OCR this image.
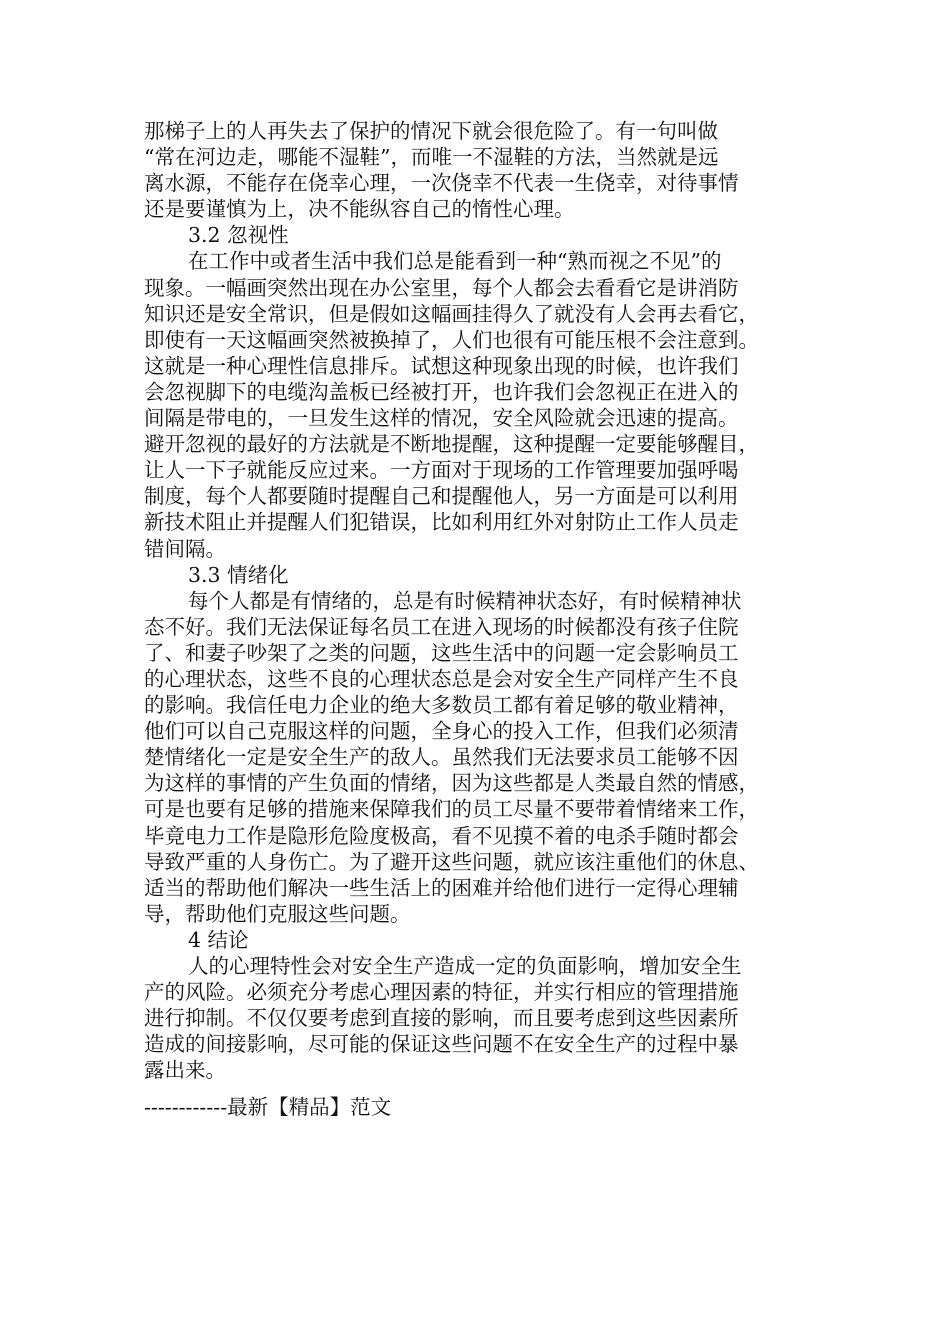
那梯子上的人再失去了保护的情况下就会很危险了。有一句叫做
“常在河边走，哪能不湿鞋”，而唯一不湿鞋的方法，当然就是远
离水源，不能存在侥幸心理，一次侥幸不代表一生侥幸，对待事情
还是要谨慎为上，决不能纵容自己的惰性心理。
3.2 忽视性
在工作中或者生活中我们总是能看到一种“熟而视之不见”的
现象。一幅画突然出现在办公室里，每个人都会去看看它是讲消防
知识还是安全常识，但是假如这幅画挂得久了就没有人会再去看它，
即使有一天这幅画突然被换掉了，人们也很有可能压根不会注意到。
这就是一种心理性信息排斥。试想这种现象出现的时候，也许我们
会忽视脚下的电缆沟盖板已经被打开，也许我们会忽视正在进入的
间隔是带电的，一旦发生这样的情况，安全风险就会迅速的提高。
避开忽视的最好的方法就是不断地提醒，这种提醒一定要能够醒目，
让人一下子就能反应过来。一方面对于现场的工作管理要加强呼喝
制度，每个人都要随时提醒自己和提醒他人，另一方面是可以利用
新技术阻止并提醒人们犯错误，比如利用红外对射防止工作人员走
错间隔。
3.3 情绪化
每个人都是有情绪的，总是有时候精神状态好，有时候精神状
态不好。我们无法保证每名员工在进入现场的时候都没有孩子住院
了、和妻子吵架了之类的问题，这些生活中的问题一定会影响员工
的心理状态，这些不良的心理状态总是会对安全生产同样产生不良
的影响。我信任电力企业的绝大多数员工都有着足够的敬业精神，
他们可以自己克服这样的问题，全身心的投入工作，但我们必须清
楚情绪化一定是安全生产的敌人。虽然我们无法要求员工能够不因
为这样的事情的产生负面的情绪，因为这些都是人类最自然的情感，
可是也要有足够的措施来保障我们的员工尽量不要带着情绪来工作，
毕竟电力工作是隐形危险度极高，看不见摸不着的电杀手随时都会
导致严重的人身伤亡。为了避开这些问题，就应该注重他们的休息、
适当的帮助他们解决一些生活上的困难并给他们进行一定得心理辅
导，帮助他们克服这些问题。
4 结论
人的心理特性会对安全生产造成一定的负面影响，增加安全生
产的风险。必须充分考虑心理因素的特征，并实行相应的管理措施
进行抑制。不仅仅要考虑到直接的影响，而且要考虑到这些因素所
造成的间接影响，尽可能的保证这些问题不在安全生产的过程中暴
露出来。
------------最新【精品】范文
